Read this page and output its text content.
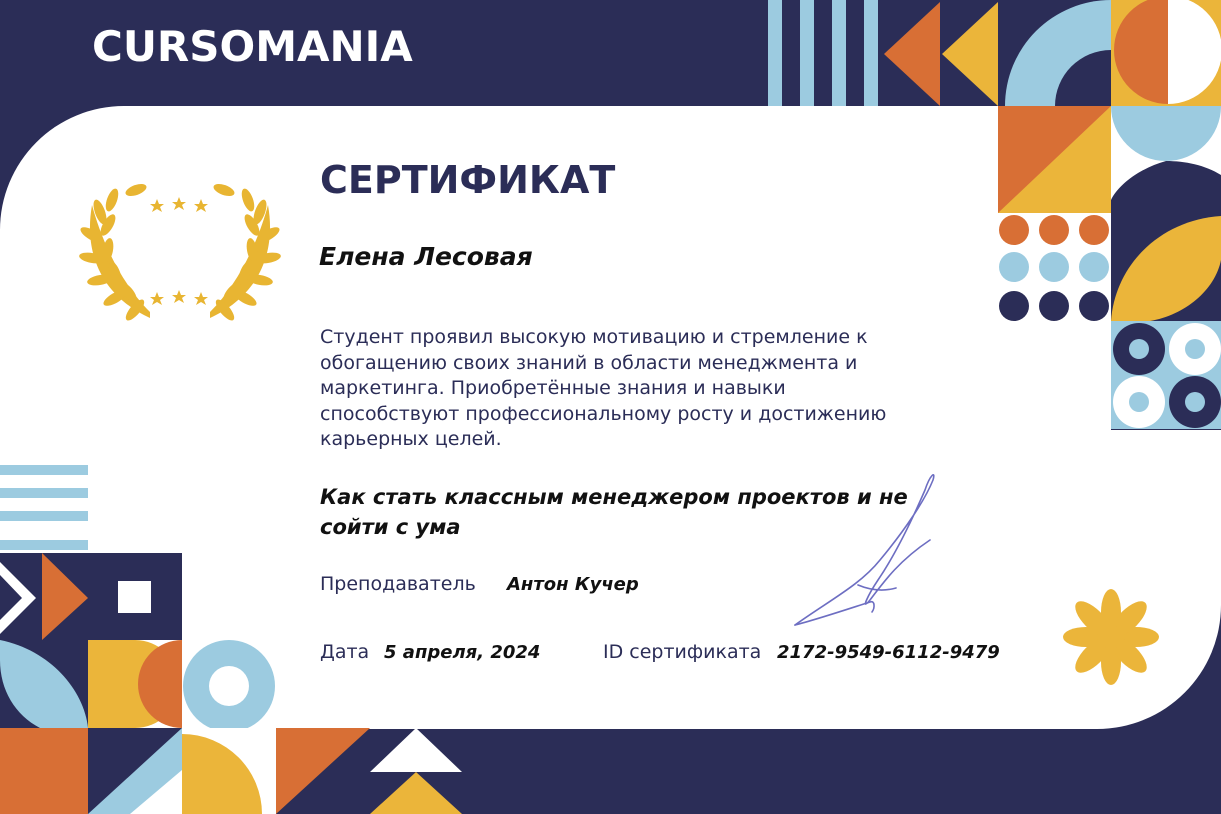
CURSOMANIA
СЕРТИФИКАТ
Елена Лесовая
Студент проявил высокую мотивацию и стремление к обогащению своих знаний в области менеджмента и маркетинга. Приобретённые знания и навыки способствуют профессиональному росту и достижению карьерных целей.
Как стать классным менеджером проектов и не сойти с ума
Преподаватель Антон Кучер
Дата 5 апреля, 2024	ID сертификата 2172-9549-6112-9479
